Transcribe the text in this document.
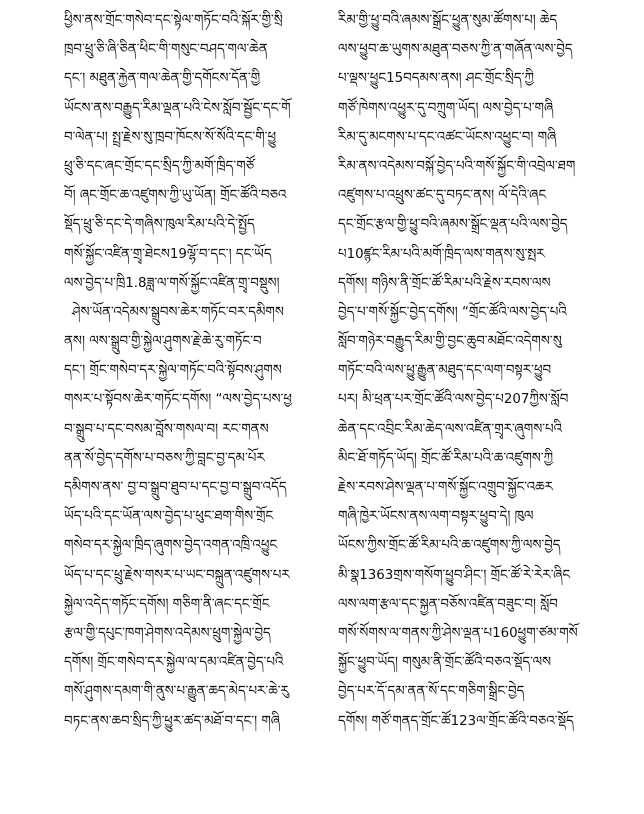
ཕྱིས་ནས་གྲོང་གསེབ་དང་སྟེལ་གཏོང་བའི་སྐོར་གྱི་སྲི
ཁྲབ་ཕྲུ་ཅི་ཞི་ཅིན་ཕིང་གི་གསུང་བཤད་གལ་ཆེན
དང་། མཐུན་རྐྱེན་གལ་ཆེན་གྱི་དགོངས་དོན་གྱི
ཡོངས་ནས་བརྒྱུད་རིམ་ལྡན་པའི་ངེས་སློབ་སྦྱོང་དང་གོ
བ་ལེན་པ། སྤྲ་རྗེས་སུ་ཁྲབ་ཁོངས་སོ་སོའི་དང་གི་ཕྱུ
ཕྲུ་ཅི་དང་ཞང་གྲོང་དང་སྲིད་ཀྱི་མགོ་ཁྲིད་གཙོ
བོ། ཞང་གྲོང་ཆ་འཛུགས་ཀྱི་ཡུ་ཡོན། གྲོང་ཚོའི་བཅའ
སྡོད་ཕྲུ་ཅི་དང་དེ་གཞིས་ཁུལ་རིམ་པའི་དེ་སྤྱོད
གསོ་སྐྱོང་འཛིན་གྲྭ་ཐེངས19ལྷོ་བ་དང་། དང་ཡོད
ལས་བྱེད་པ་ཁྲི1.8ཟླ་ལ་གསོ་སྐྱོང་འཛིན་གྲྭ་བསྡུས།
ཤེས་ཡོན་འདེམས་སྒྲུབས་ཆེར་གཏོང་བར་དམིགས
ནས། ལས་སྒྲུབ་གྱི་སྐྱེལ་ཤུགས་རྗེ་ཆེ་རུ་གཏོང་བ
དང་། གྲོང་གསེབ་དར་སྐྱེལ་གཏོང་བའི་སྟོབས་ཤུགས
གསར་པ་སྟོབས་ཆེར་གཏོང་དགོས། “ལས་བྱེད་པས་ཕྱ
བ་སྒྲུབ་པ་དང་བསམ་བློས་གསལ་བ། རང་གནས
ནན་སོ་བྱེད་དགོས་པ་བཅས་ཀྱི་བླང་བྱ་དམ་པོར
དམིགས་ནས་ བྱ་བ་སྒྲུབ་ཐུབ་པ་དང་བྱ་བ་སྒྲུབ་འདོད
ཡོད་པའི་དང་ཡོན་ལས་བྱེད་པ་ཕུང་ཐག་གིས་གྲོང
གསེབ་དར་སྐྱེལ་ཁྲིད་ཞུགས་བྱེད་འགན་འཁྲི་འཕྱུང
ཡོད་པ་དང་ཕྲུ་རྗེས་གསར་པ་ཡང་བསྐྲུན་འཛུགས་པར
སྐྱེལ་འདེད་གཏོང་དགོས། གཅིག་ནི་ཞང་དང་གྲོང
རྩལ་གྱི་དཔུང་ཁག་ཤེགས་འདེམས་ཕྲུག་སྐྱེལ་བྱེད
དགོས། གྲོང་གསེབ་དར་སྐྱེལ་ལ་དམ་འཛིན་བྱེད་པའི
གསོ་ཤུགས་དམག་གི་ནུས་པ་རྒྱུན་ཆད་མེད་པར་ཆེ་རུ
བཏང་ནས་ཆབ་སྲིད་ཀྱི་ཕྱུར་ཚད་མཐོ་བ་དང་། གཞི
རིམ་གྱི་ཕྱུ་བའི་ཞམས་སྒྲོང་ཕྱུན་སུམ་ཚོགས་པ། ཆེད
ལས་ཕྱུབ་ཆ་ཡུགས་མཐུན་བཅས་ཀྱི་ན་གཞོན་ལས་བྱེད
པ་ལྡས་ཕྱུང15བདམས་ནས། ཤང་གྲོང་སྲིད་ཀྱི
གཙོ་ཁེགས་འཕྱུར་དུ་བཀྲུག་ཡོད། ལས་བྱེད་པ་གཞི
རིམ་དུ་མངགས་པ་དང་འཚང་ཡོངས་འཕྱུང་བ། གཞི
རིམ་ནས་འདེམས་བསྐོ་བྱེད་པའི་གསོ་སྐྱོང་གི་འབྲེལ་ཐག
འཛུགས་པ་འཕྲུས་ཚང་དུ་བཏང་ནས། ལོ་དེའི་ཞང
དང་གྲོང་རྩལ་གྱི་ཕྱུ་བའི་ཞམས་སྒྲོང་ལྡན་པའི་ལས་བྱེད
པ10ཛྙང་རིམ་པའི་མགོ་ཁྲིད་ལས་གནས་སུ་སྤར
དགོས། གཉིས་ནི་གྲོང་ཚོ་རིམ་པའི་རྗེས་རབས་ལས
བྱེད་པ་གསོ་སྐྱོང་བྱེད་དགོས། “གྲོང་ཚོའི་ལས་བྱེད་པའི
སློབ་གཉེར་བརྒྱུད་རིམ་གྱི་བྱང་ཆུབ་མཐོང་འདེགས་སུ
གཏོང་བའི་ལས་ཕྱུ་རྒྱུན་མཐུད་དང་ལག་བསྟར་ཕྱུབ
པར། མི་ཕྲན་པར་གྲོང་ཚོའི་ལས་བྱེད་པ207ཀྱིས་སློབ
ཆེན་དང་འབྲིང་རིམ་ཆེད་ལས་འཛིན་གྲྭར་ཞུགས་པའི
མིང་ཐོ་གཏོད་ཡོད། གྲོང་ཚོ་རིམ་པའི་ཆ་འཛུགས་ཀྱི
རྗེས་རབས་ཤེས་ལྡན་པ་གསོ་སྐྱོང་འགྲུབ་སྐྱོང་འཆར
གཞི་ཁྱེར་ཡོངས་ནས་ལག་བསྟར་ཕྱུབ་དེ། ཁུལ
ཡོངས་ཀྱིས་གྲོང་ཚོ་རིམ་པའི་ཆ་འཛུགས་ཀྱི་ལས་བྱེད
མི་སྣ1363གྲས་གསོག་ཕྱུབ་ཤིང་། གྲོང་ཚོ་རེ་རེར་ཞིང
ལས་ལག་རྩལ་དང་སྐྱན་བཅོས་འཛིན་བཟུང་བ། སློབ
གསོ་སོགས་ལ་གནས་ཀྱི་ཤེས་ལྡན་པ160ཕྱུག་ཙམ་གསོ
སྐྱོང་ཕྱུབ་ཡོད། གསུམ་ནི་གྲོང་ཚོའི་བཅའ་སྡོད་ལས
བྱེད་པར་དོ་དམ་ནན་སོ་དང་གཅིག་སྒྲིང་བྱེད
དགོས། གཙོ་གནད་གྲོང་ཚོ123ལ་གྲོང་ཚོའི་བཅའ་སྡོད
